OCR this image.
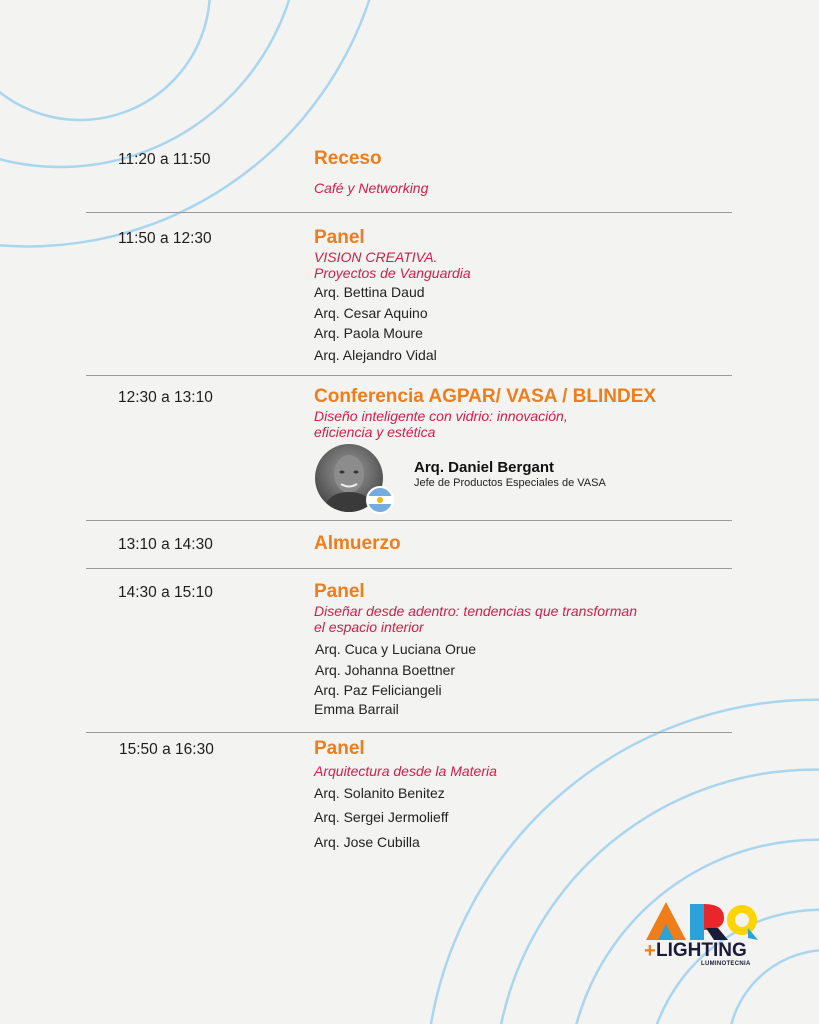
11:20 a 11:50	Receso
Café y Networking
11:50 a 12:30	Panel
VISION CREATIVA.
Proyectos de Vanguardia
Arq. Bettina Daud
Arq. Cesar Aquino
Arq. Paola Moure
Arq. Alejandro Vidal
12:30 a 13:10	Conferencia AGPAR/ VASA / BLINDEX
Diseño inteligente con vidrio: innovación,
eficiencia y estética
Arq. Daniel Bergant
Jefe de Productos Especiales de VASA
13:10 a 14:30	Almuerzo
14:30 a 15:10	Panel
Diseñar desde adentro: tendencias que transforman
el espacio interior
Arq. Cuca y Luciana Orue
Arq. Johanna Boettner
Arq. Paz Feliciangeli
Emma Barrail
15:50 a 16:30	Panel
Arquitectura desde la Materia
Arq. Solanito Benitez
Arq. Sergei Jermolieff
Arq. Jose Cubilla
+ LIGHTING
LUMINOTECNIA
